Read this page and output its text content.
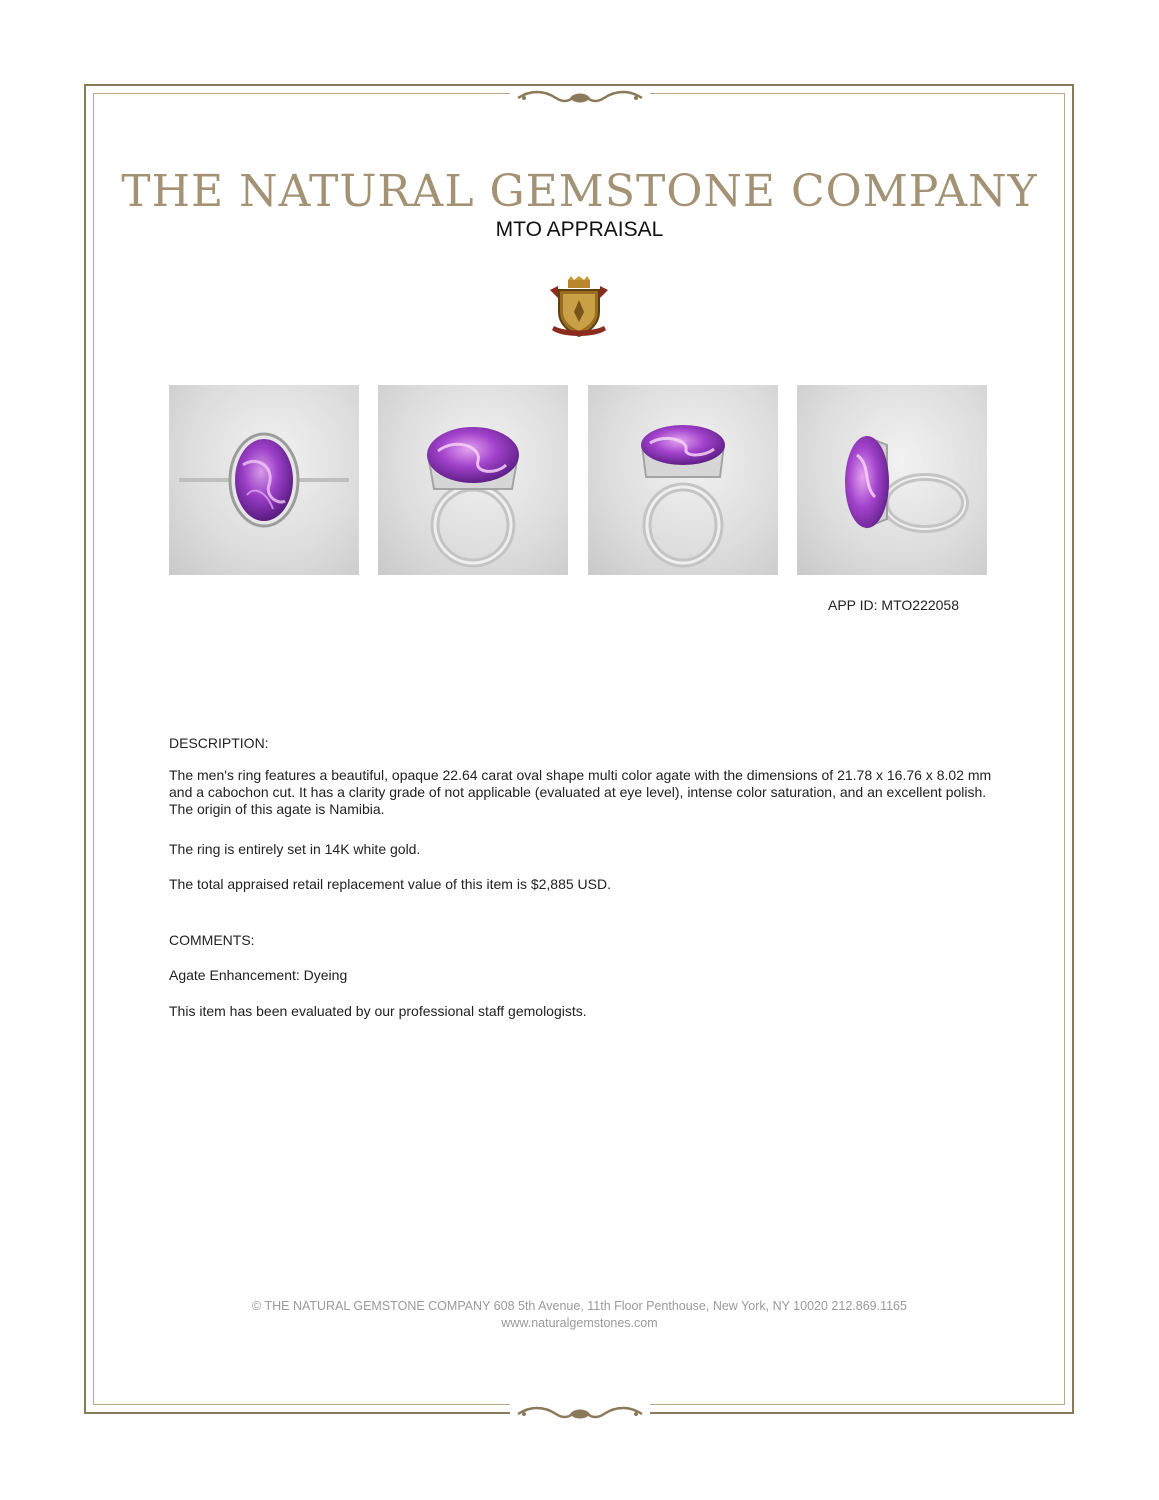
THE NATURAL GEMSTONE COMPANY
MTO APPRAISAL
APP ID: MTO222058
DESCRIPTION:
The men's ring features a beautiful, opaque 22.64 carat oval shape multi color agate with the dimensions of 21.78 x 16.76 x 8.02 mm and a cabochon cut. It has a clarity grade of not applicable (evaluated at eye level), intense color saturation, and an excellent polish. The origin of this agate is Namibia.
The ring is entirely set in 14K white gold.
The total appraised retail replacement value of this item is $2,885 USD.
COMMENTS:
Agate Enhancement: Dyeing
This item has been evaluated by our professional staff gemologists.
© THE NATURAL GEMSTONE COMPANY 608 5th Avenue, 11th Floor Penthouse, New York, NY 10020 212.869.1165
www.naturalgemstones.com
